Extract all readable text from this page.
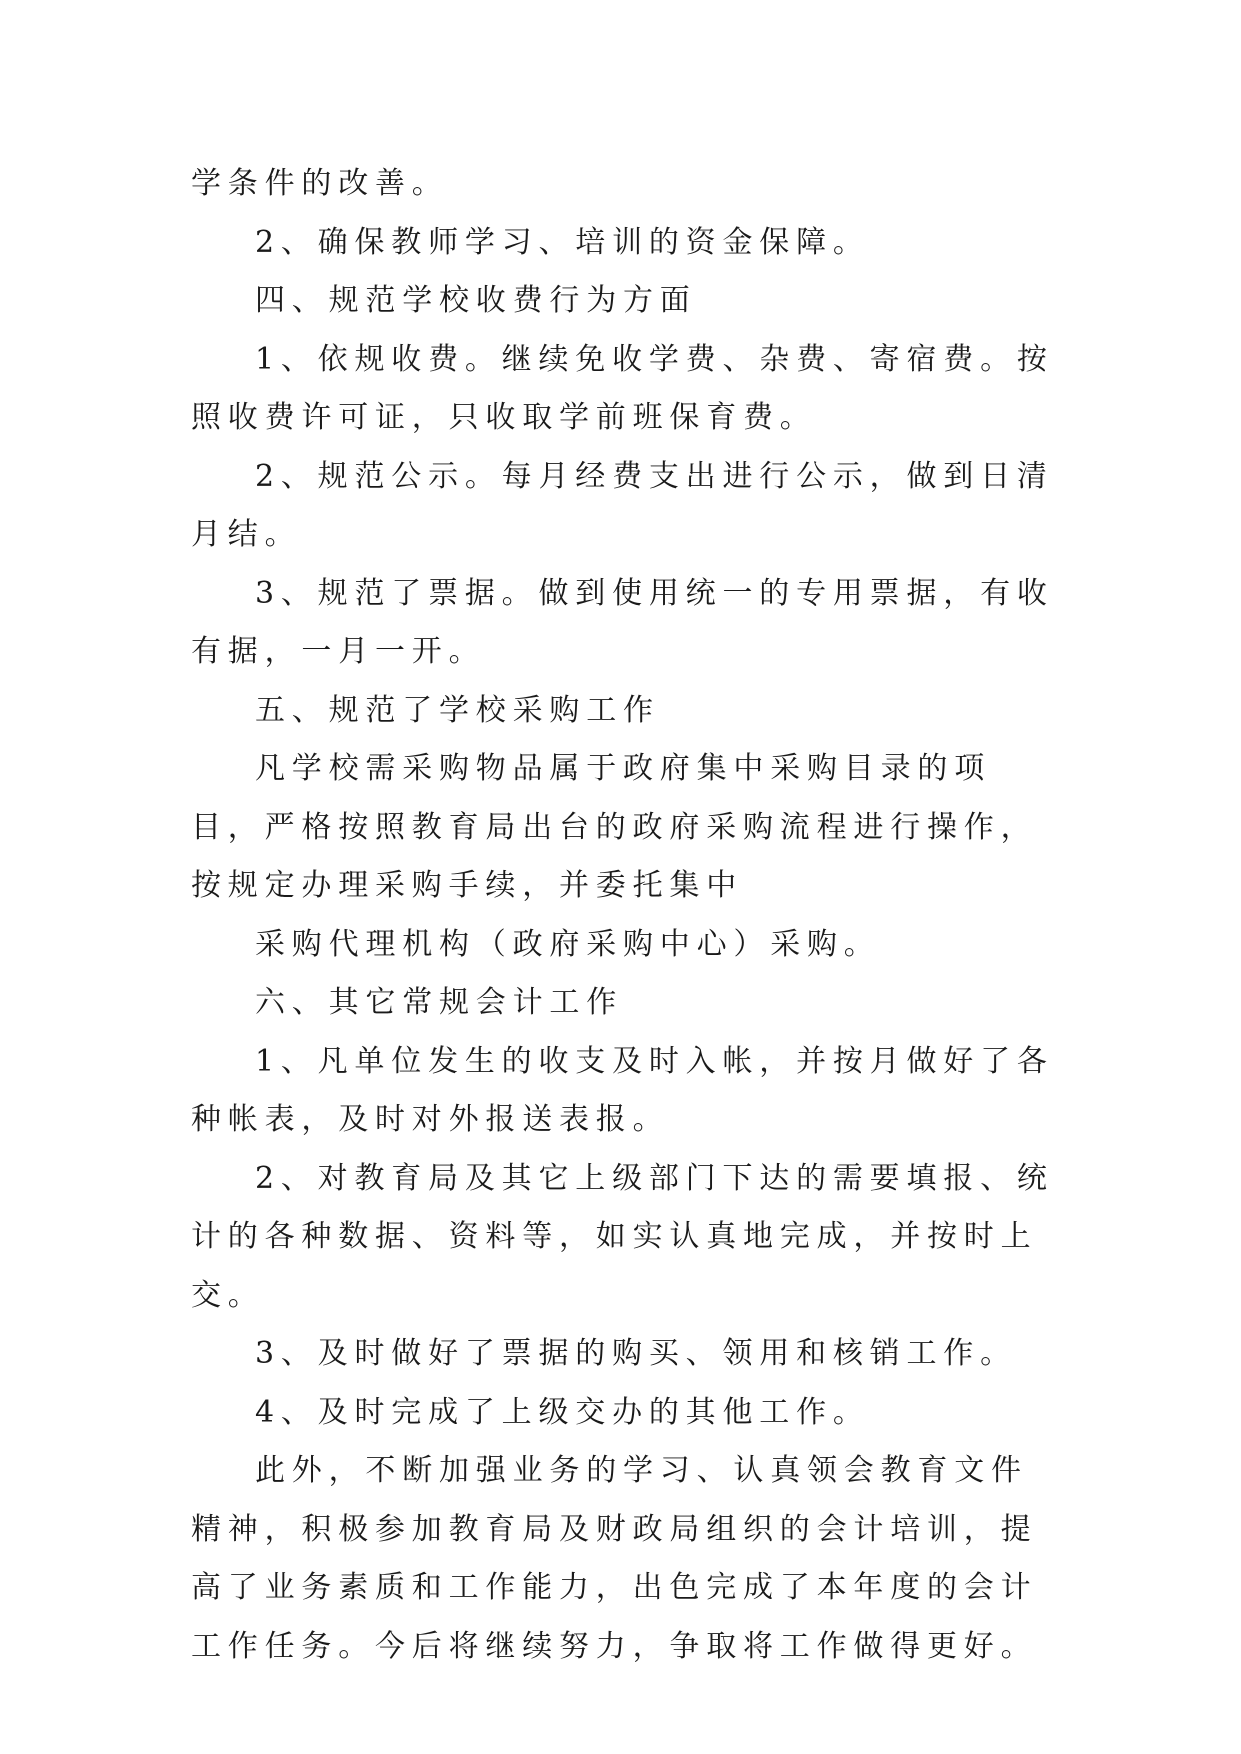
学条件的改善。

2、确保教师学习、培训的资金保障。

四、规范学校收费行为方面

1、依规收费。继续免收学费、杂费、寄宿费。按照收费许可证，只收取学前班保育费。

2、规范公示。每月经费支出进行公示，做到日清月结。

3、规范了票据。做到使用统一的专用票据，有收有据，一月一开。

五、规范了学校采购工作

凡学校需采购物品属于政府集中采购目录的项目，严格按照教育局出台的政府采购流程进行操作，按规定办理采购手续，并委托集中

采购代理机构（政府采购中心）采购。

六、其它常规会计工作

1、凡单位发生的收支及时入帐，并按月做好了各种帐表，及时对外报送表报。

2、对教育局及其它上级部门下达的需要填报、统计的各种数据、资料等，如实认真地完成，并按时上交。

3、及时做好了票据的购买、领用和核销工作。

4、及时完成了上级交办的其他工作。

此外，不断加强业务的学习、认真领会教育文件精神，积极参加教育局及财政局组织的会计培训，提高了业务素质和工作能力，出色完成了本年度的会计工作任务。今后将继续努力，争取将工作做得更好。
